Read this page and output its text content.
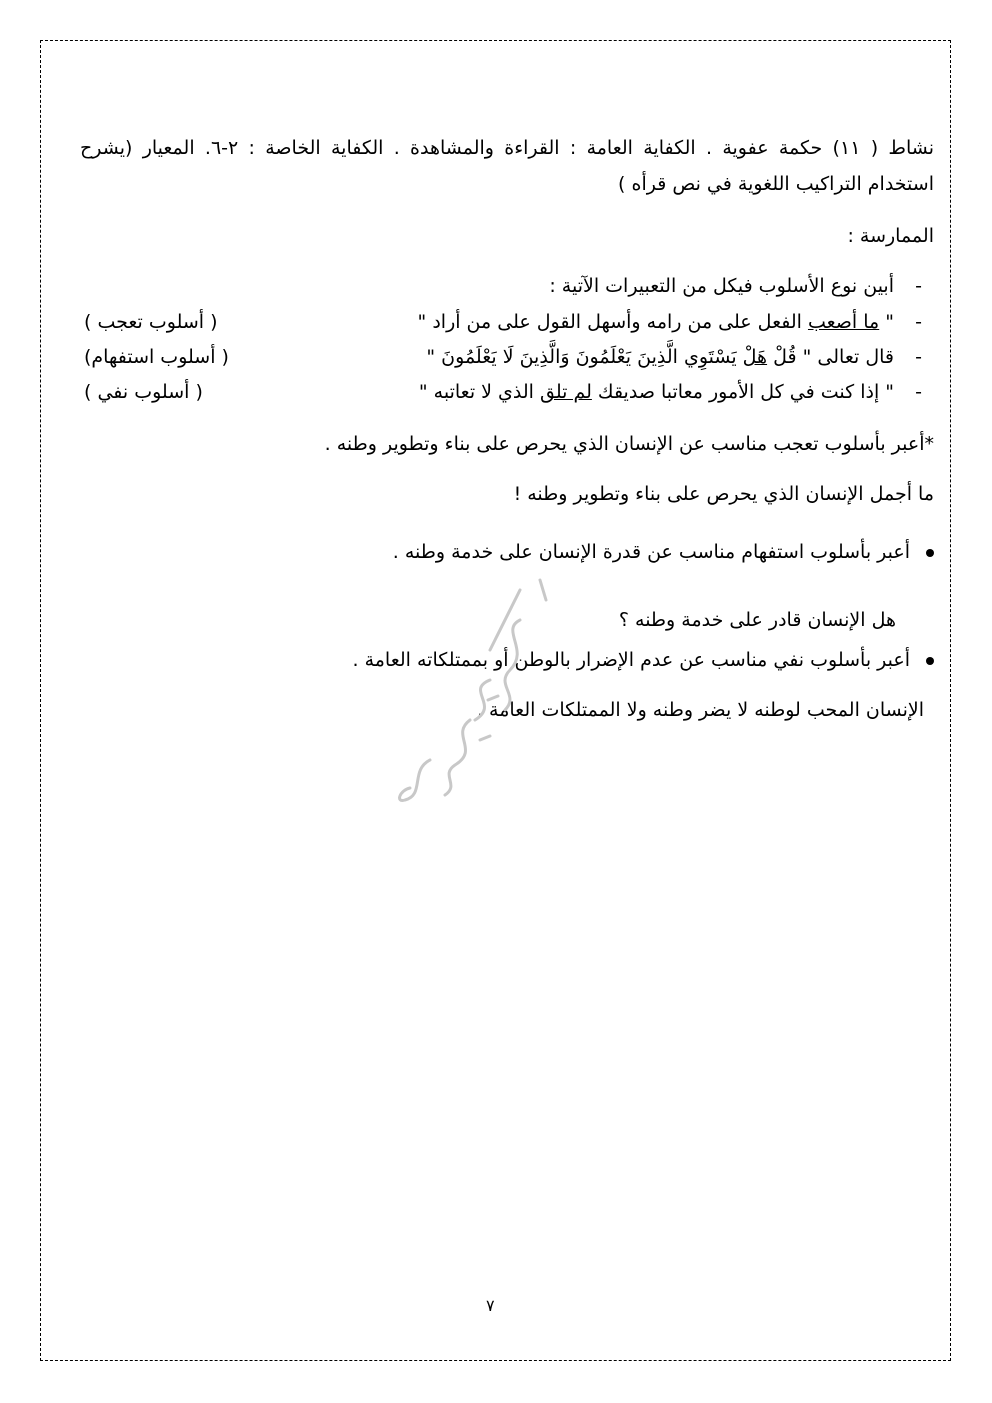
نشاط ( ١١) حكمة عفوية . الكفاية العامة : القراءة والمشاهدة . الكفاية الخاصة : ٢-٦. المعيار (يشرح
استخدام التراكيب اللغوية في نص قرأه )
الممارسة :
-
أبين نوع الأسلوب فيكل من التعبيرات الآتية :
-
" ما أصعب الفعل على من رامه وأسهل القول على من أراد "
( أسلوب تعجب )
-
قال تعالى " قُلْ هَلْ يَسْتَوِي الَّذِينَ يَعْلَمُونَ وَالَّذِينَ لَا يَعْلَمُونَ "
( أسلوب استفهام)
-
" إذا كنت في كل الأمور معاتبا صديقك لم تلق الذي لا تعاتبه "
( أسلوب نفي )
*أعبر بأسلوب تعجب مناسب عن الإنسان الذي يحرص على بناء وتطوير وطنه .
ما أجمل الإنسان الذي يحرص على بناء وتطوير وطنه !
أعبر بأسلوب استفهام مناسب عن قدرة الإنسان على خدمة وطنه .
هل الإنسان قادر على خدمة وطنه ؟
أعبر بأسلوب نفي مناسب عن عدم الإضرار بالوطن أو بممتلكاته العامة .
الإنسان المحب لوطنه لا يضر وطنه ولا الممتلكات العامة .
٧
